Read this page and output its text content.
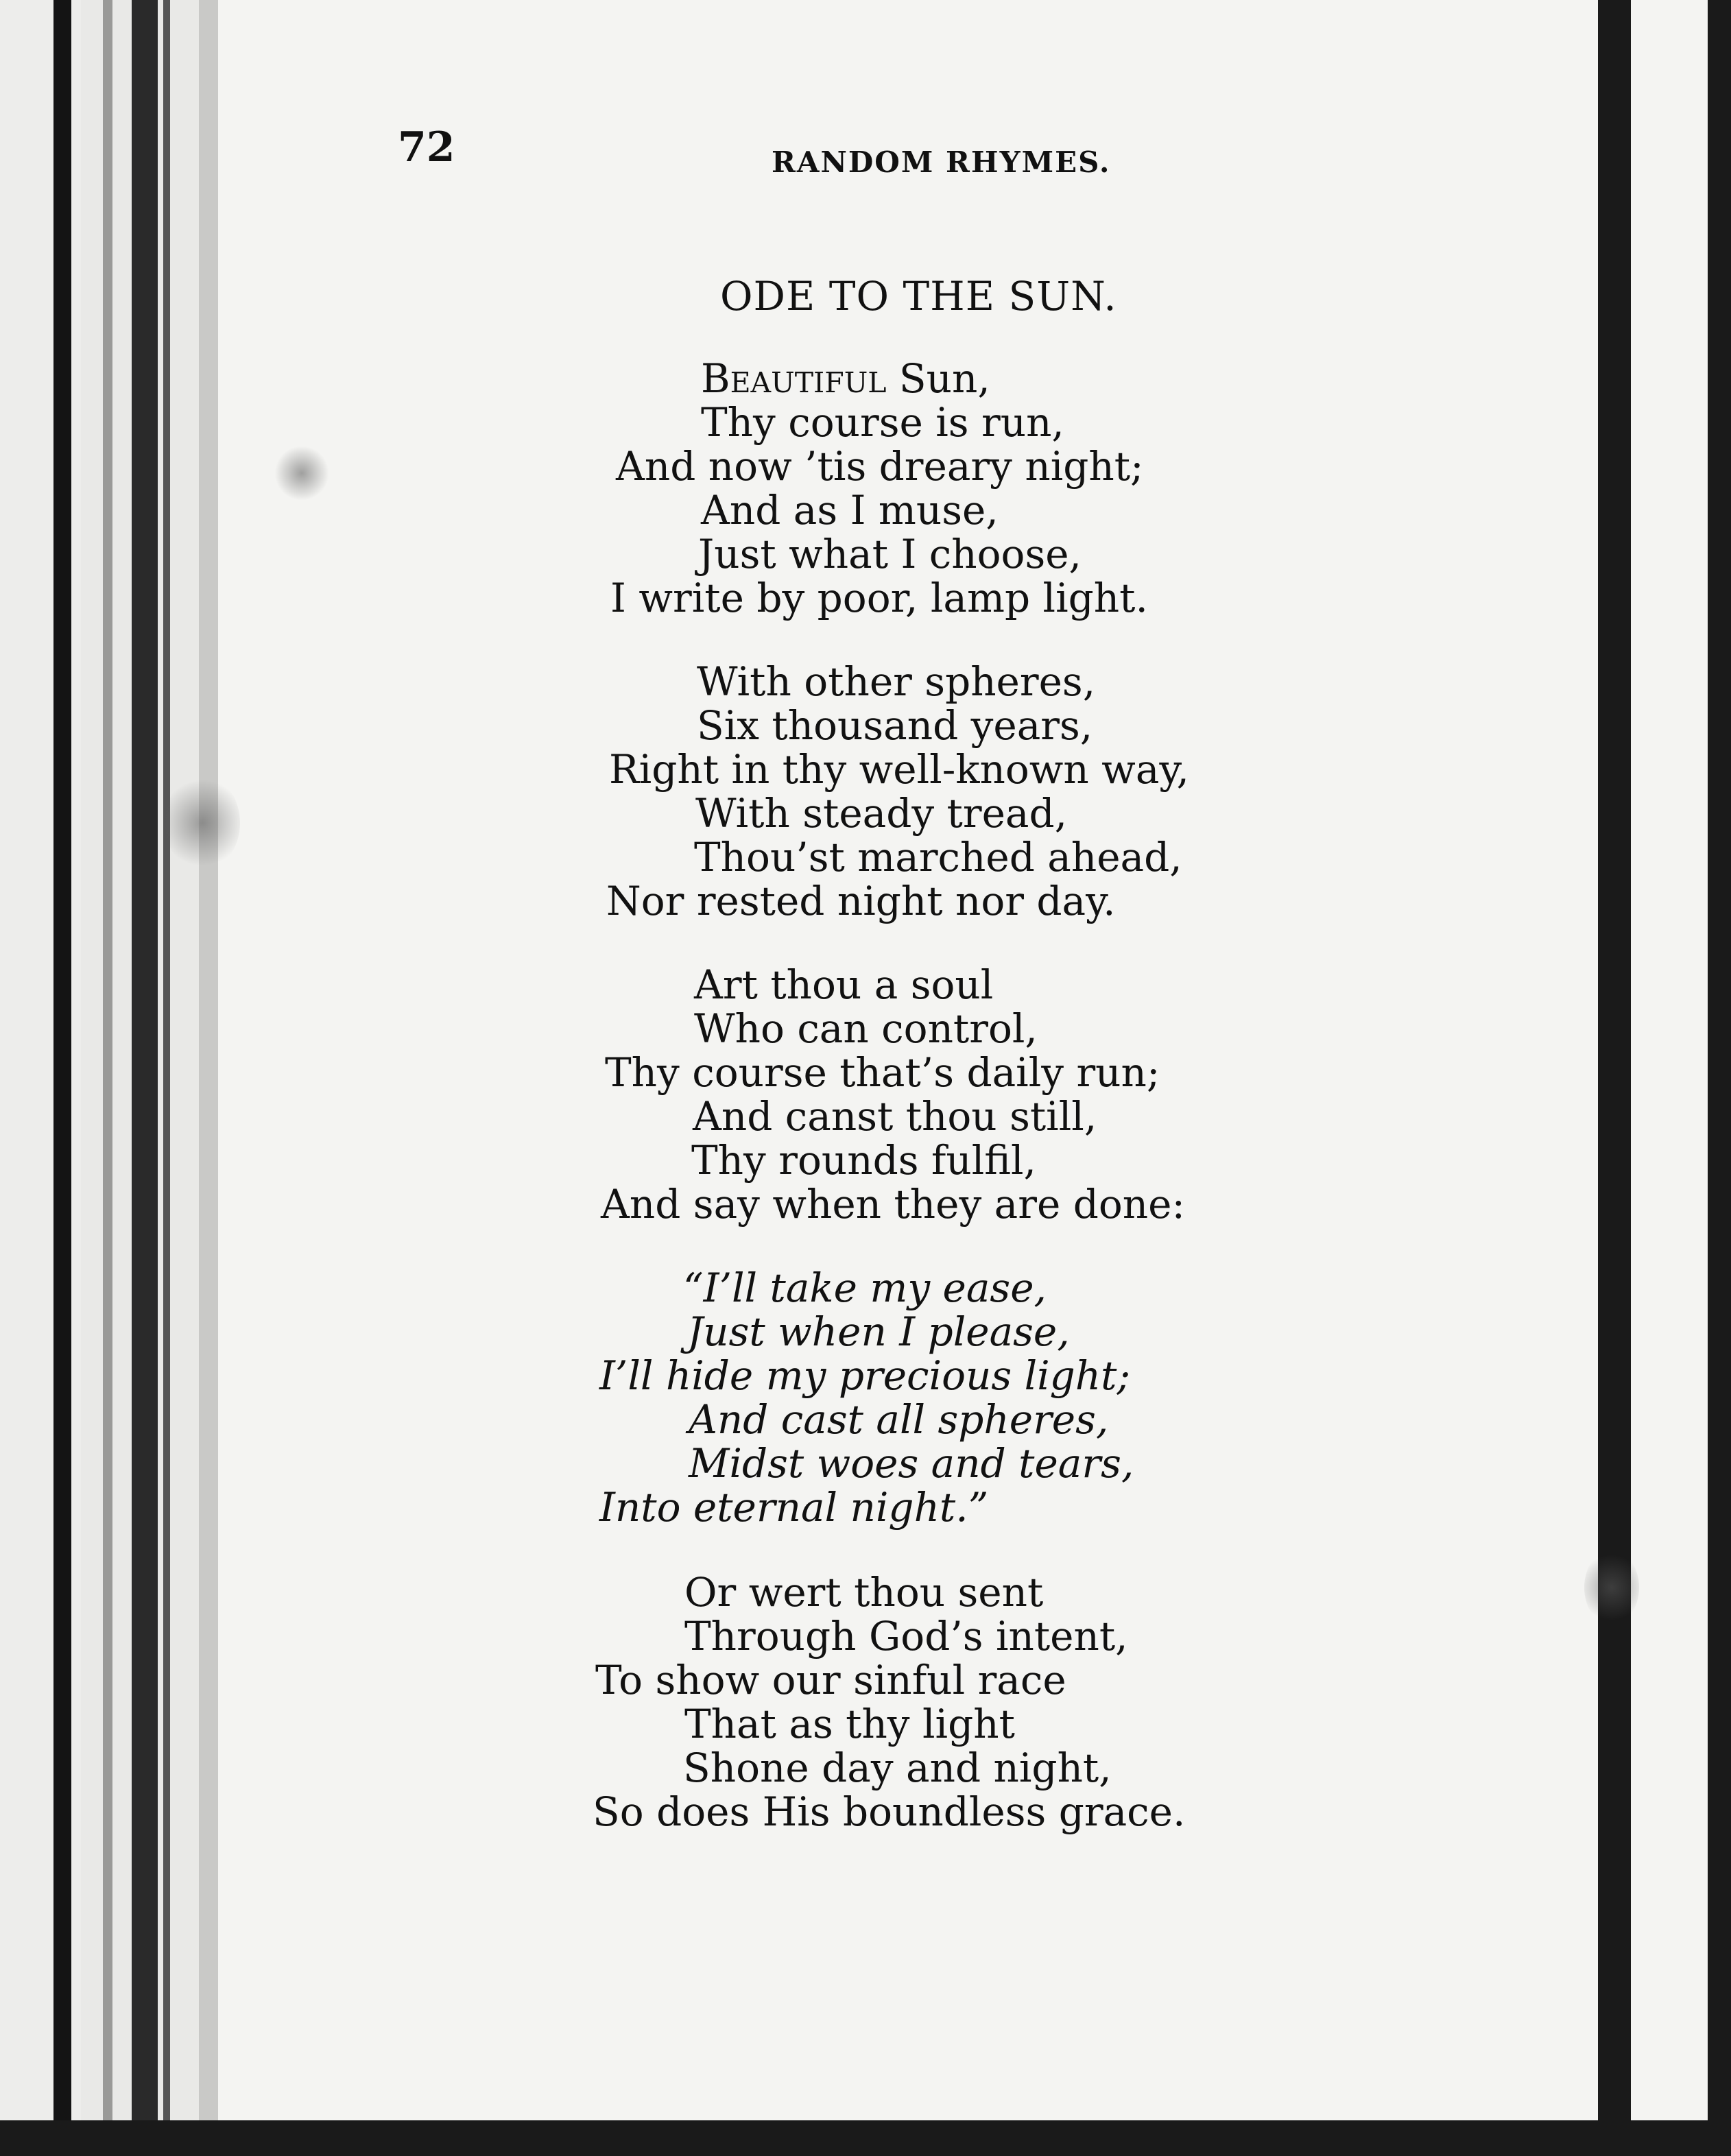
72	RANDOM RHYMES.
ODE TO THE SUN.
Beautiful Sun,
Thy course is run,
And now ’tis dreary night;
And as I muse,
Just what I choose,
I write by poor, lamp light.
With other spheres,
Six thousand years,
Right in thy well-known way,
With steady tread,
Thou’st marched ahead,
Nor rested night nor day.
Art thou a soul
Who can control,
Thy course that’s daily run;
And canst thou still,
Thy rounds fulfil,
And say when they are done:
“I’ll take my ease,
Just when I please,
I’ll hide my precious light;
And cast all spheres,
Midst woes and tears,
Into eternal night.”
Or wert thou sent
Through God’s intent,
To show our sinful race
That as thy light
Shone day and night,
So does His boundless grace.
